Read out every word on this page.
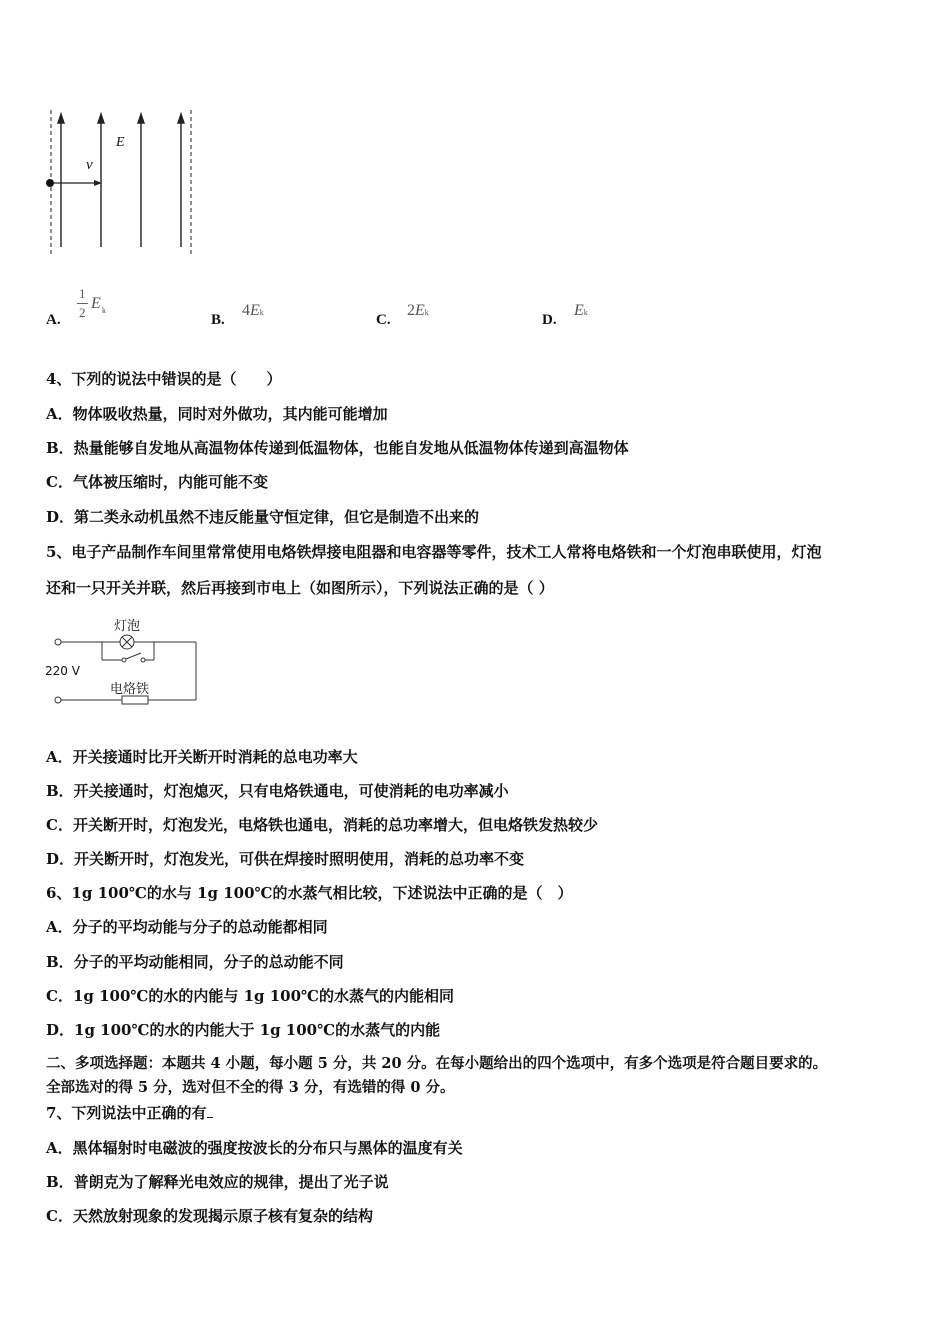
E
v
A.
1
2
E k
B.
4Ek	C.
2Ek	D.
Ek
4、下列的说法中错误的是（　　）
A．物体吸收热量，同时对外做功，其内能可能增加
B．热量能够自发地从高温物体传递到低温物体，也能自发地从低温物体传递到高温物体
C．气体被压缩时，内能可能不变
D．第二类永动机虽然不违反能量守恒定律，但它是制造不出来的
5、电子产品制作车间里常常使用电烙铁焊接电阻器和电容器等零件，技术工人常将电烙铁和一个灯泡串联使用，灯泡
还和一只开关并联，然后再接到市电上（如图所示），下列说法正确的是（ ）
灯泡
220 V
电烙铁
A．开关接通时比开关断开时消耗的总电功率大
B．开关接通时，灯泡熄灭，只有电烙铁通电，可使消耗的电功率减小
C．开关断开时，灯泡发光，电烙铁也通电，消耗的总功率增大，但电烙铁发热较少
D．开关断开时，灯泡发光，可供在焊接时照明使用，消耗的总功率不变
6、1g 100℃的水与 1g 100℃的水蒸气相比较，下述说法中正确的是（　）
A．分子的平均动能与分子的总动能都相同
B．分子的平均动能相同，分子的总动能不同
C．1g 100℃的水的内能与 1g 100℃的水蒸气的内能相同
D．1g 100℃的水的内能大于 1g 100℃的水蒸气的内能
二、多项选择题：本题共 4 小题，每小题 5 分，共 20 分。在每小题给出的四个选项中，有多个选项是符合题目要求的。
全部选对的得 5 分，选对但不全的得 3 分，有选错的得 0 分。
7、下列说法中正确的有
A．黑体辐射时电磁波的强度按波长的分布只与黑体的温度有关
B．普朗克为了解释光电效应的规律，提出了光子说
C．天然放射现象的发现揭示原子核有复杂的结构
